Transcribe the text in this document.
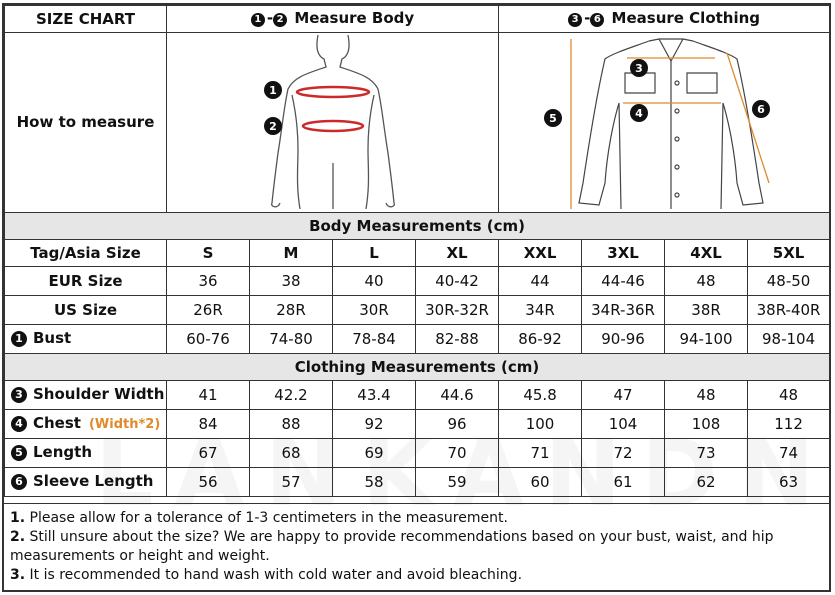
SIZE CHART	1 - 2 Measure Body				3 - 6 Measure Clothing			
How to measure	1
2				3
4
5
6			

Body Measurements (cm)								
Tag/Asia Size	S	M	L	XL	XXL	3XL	4XL	5XL
EUR Size	36	38	40	40-42	44	44-46	48	48-50
US Size	26R	28R	30R	30R-32R	34R	34R-36R	38R	38R-40R
1 Bust	60-76	74-80	78-84	82-88	86-92	90-96	94-100	98-104
Clothing Measurements (cm)								
3 Shoulder Width	41	42.2	43.4	44.6	45.8	47	48	48
4 Chest (Width*2)	84	88	92	96	100	104	108	112
5 Length	67	68	69	70	71	72	73	74
6 Sleeve Length	56	57	58	59	60	61	62	63
1. Please allow for a tolerance of 1-3 centimeters in the measurement.
2. Still unsure about the size? We are happy to provide recommendations based on your bust, waist, and hip measurements or height and weight.
3. It is recommended to hand wash with cold water and avoid bleaching.
